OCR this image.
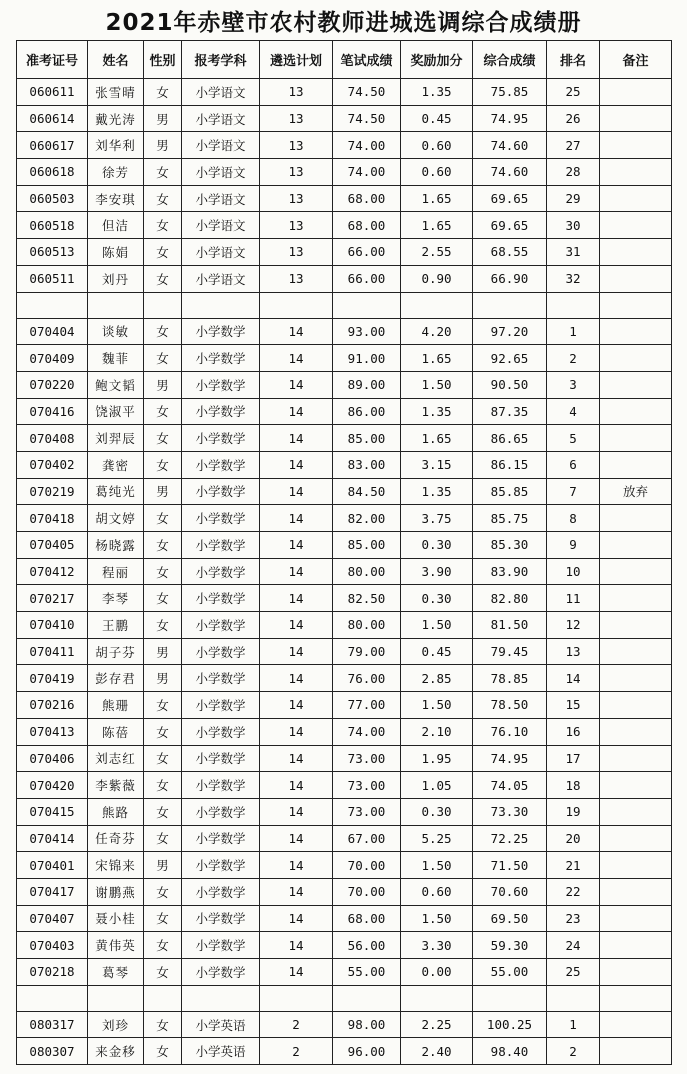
2021年赤壁市农村教师进城选调综合成绩册
准考证号	姓名	性别	报考学科	遴选计划	笔试成绩	奖励加分	综合成绩	排名	备注
060611	张雪晴	女	小学语文	13	74.50	1.35	75.85	25	
060614	戴光涛	男	小学语文	13	74.50	0.45	74.95	26	
060617	刘华利	男	小学语文	13	74.00	0.60	74.60	27	
060618	徐芳	女	小学语文	13	74.00	0.60	74.60	28	
060503	李安琪	女	小学语文	13	68.00	1.65	69.65	29	
060518	但洁	女	小学语文	13	68.00	1.65	69.65	30	
060513	陈娟	女	小学语文	13	66.00	2.55	68.55	31	
060511	刘丹	女	小学语文	13	66.00	0.90	66.90	32	

070404	谈敏	女	小学数学	14	93.00	4.20	97.20	1	
070409	魏菲	女	小学数学	14	91.00	1.65	92.65	2	
070220	鲍文韬	男	小学数学	14	89.00	1.50	90.50	3	
070416	饶淑平	女	小学数学	14	86.00	1.35	87.35	4	
070408	刘羿辰	女	小学数学	14	85.00	1.65	86.65	5	
070402	龚密	女	小学数学	14	83.00	3.15	86.15	6	
070219	葛纯光	男	小学数学	14	84.50	1.35	85.85	7	放弃
070418	胡文婷	女	小学数学	14	82.00	3.75	85.75	8	
070405	杨晓露	女	小学数学	14	85.00	0.30	85.30	9	
070412	程丽	女	小学数学	14	80.00	3.90	83.90	10	
070217	李琴	女	小学数学	14	82.50	0.30	82.80	11	
070410	王鹏	女	小学数学	14	80.00	1.50	81.50	12	
070411	胡子芬	男	小学数学	14	79.00	0.45	79.45	13	
070419	彭存君	男	小学数学	14	76.00	2.85	78.85	14	
070216	熊珊	女	小学数学	14	77.00	1.50	78.50	15	
070413	陈蓓	女	小学数学	14	74.00	2.10	76.10	16	
070406	刘志红	女	小学数学	14	73.00	1.95	74.95	17	
070420	李紫薇	女	小学数学	14	73.00	1.05	74.05	18	
070415	熊路	女	小学数学	14	73.00	0.30	73.30	19	
070414	任奇芬	女	小学数学	14	67.00	5.25	72.25	20	
070401	宋锦来	男	小学数学	14	70.00	1.50	71.50	21	
070417	谢鹏燕	女	小学数学	14	70.00	0.60	70.60	22	
070407	聂小桂	女	小学数学	14	68.00	1.50	69.50	23	
070403	黄伟英	女	小学数学	14	56.00	3.30	59.30	24	
070218	葛琴	女	小学数学	14	55.00	0.00	55.00	25	

080317	刘珍	女	小学英语	2	98.00	2.25	100.25	1	
080307	来金移	女	小学英语	2	96.00	2.40	98.40	2	
